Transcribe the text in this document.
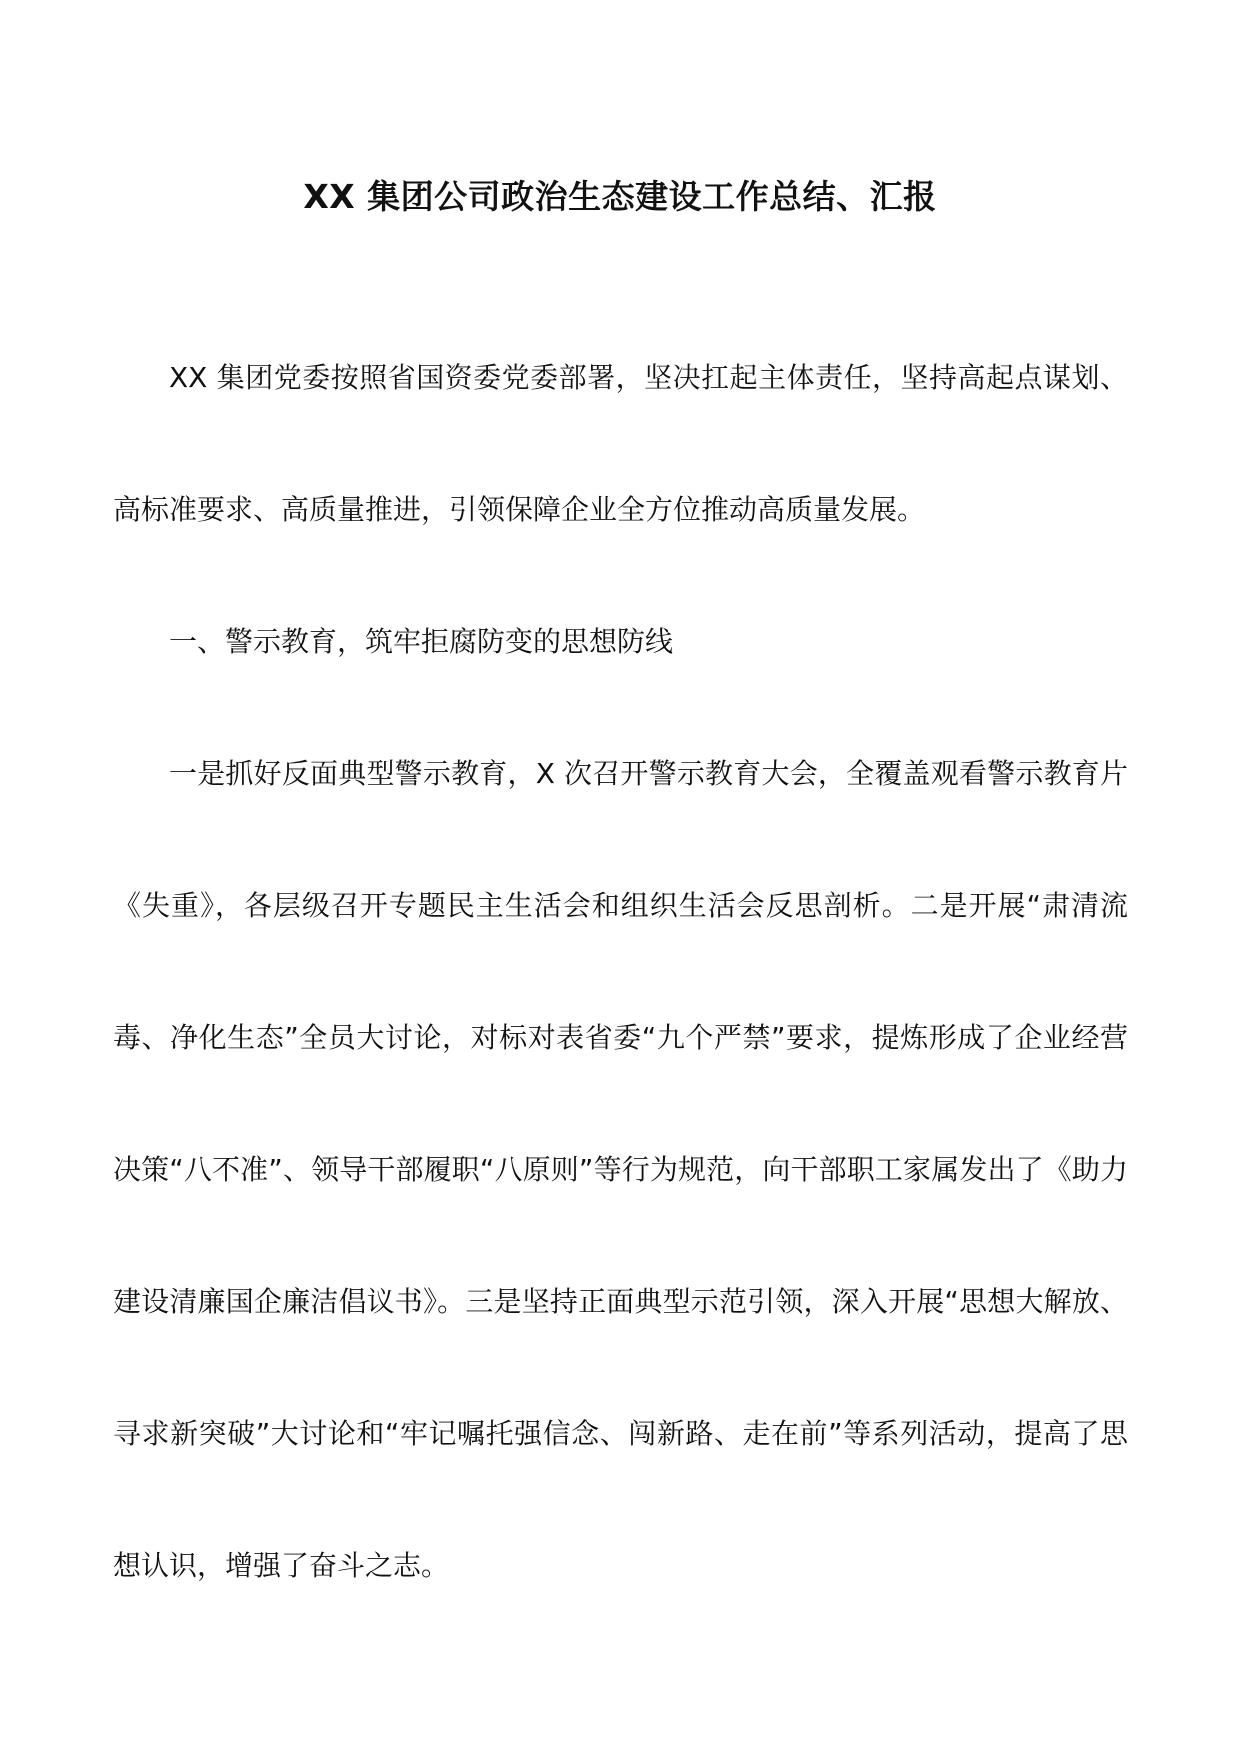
XX 集团公司政治生态建设工作总结、汇报

XX 集团党委按照省国资委党委部署，坚决扛起主体责任，坚持高起点谋划、高标准要求、高质量推进，引领保障企业全方位推动高质量发展。

一、警示教育，筑牢拒腐防变的思想防线

一是抓好反面典型警示教育，X 次召开警示教育大会，全覆盖观看警示教育片《失重》，各层级召开专题民主生活会和组织生活会反思剖析。二是开展“肃清流毒、净化生态”全员大讨论，对标对表省委“九个严禁”要求，提炼形成了企业经营决策“八不准”、领导干部履职“八原则”等行为规范，向干部职工家属发出了《助力建设清廉国企廉洁倡议书》。三是坚持正面典型示范引领，深入开展“思想大解放、寻求新突破”大讨论和“牢记嘱托强信念、闯新路、走在前”等系列活动，提高了思想认识，增强了奋斗之志。
